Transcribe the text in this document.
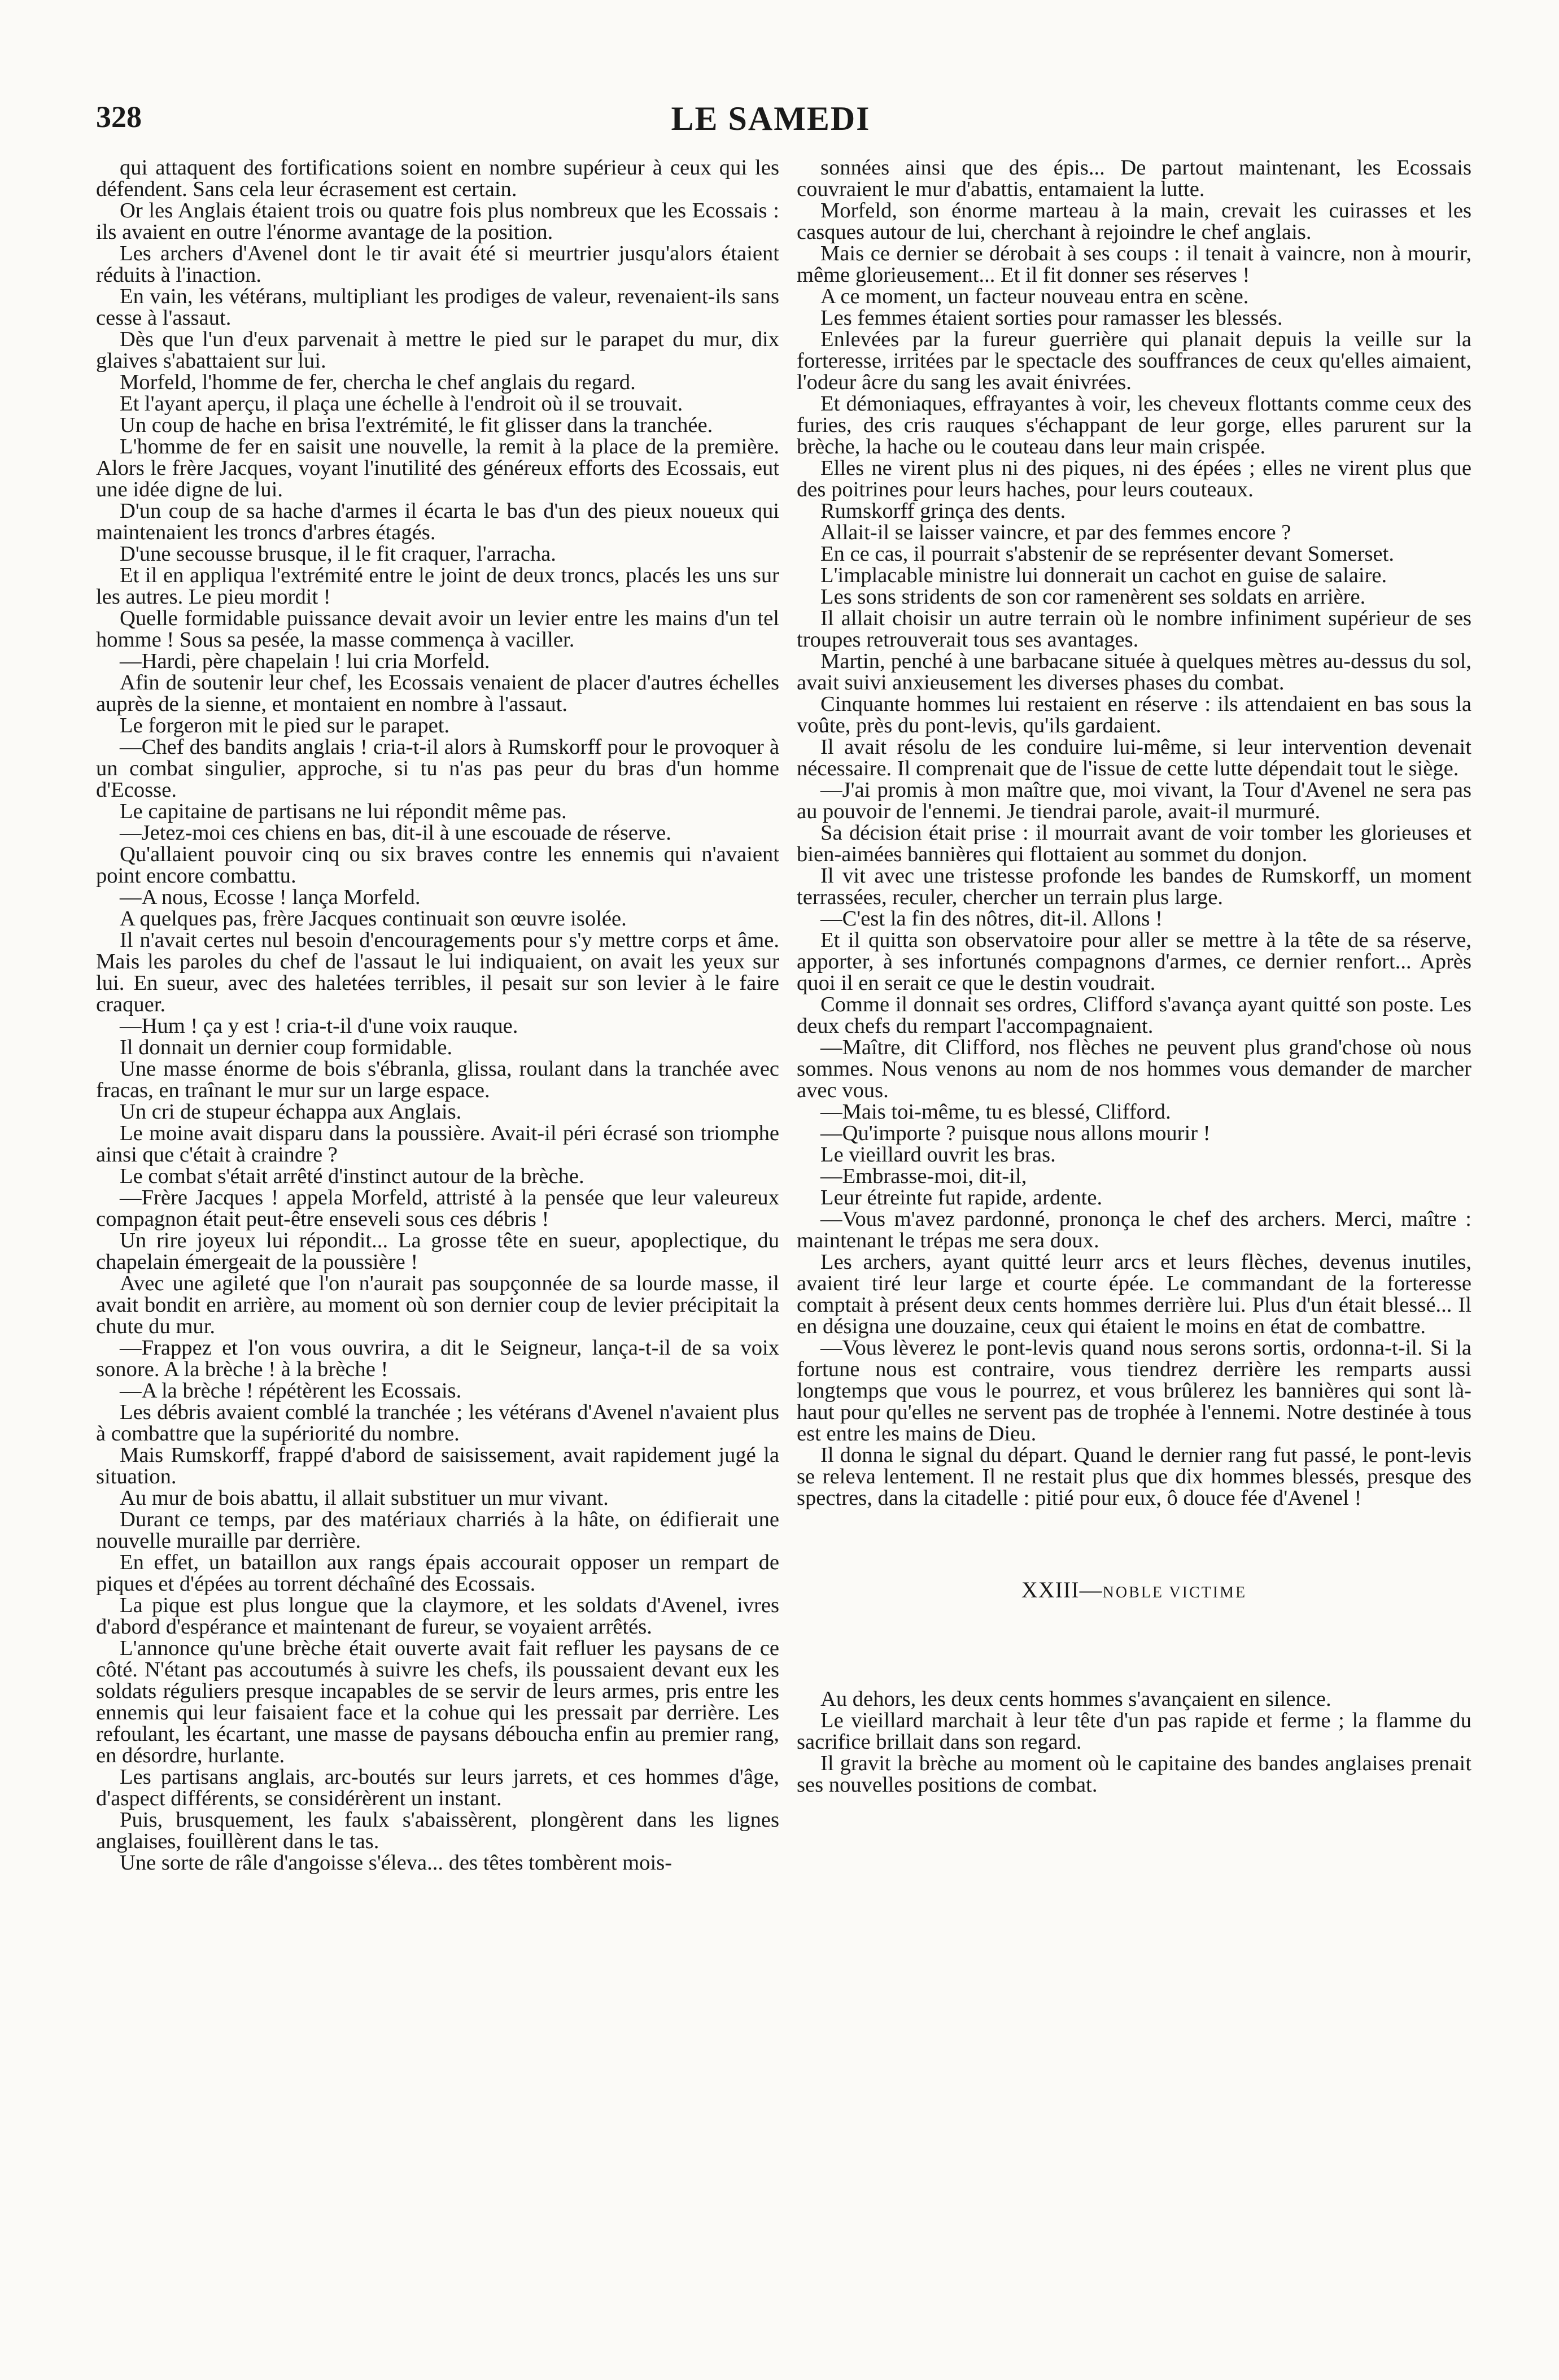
328	LE SAMEDI

qui attaquent des fortifications soient en nombre supérieur à ceux qui les défendent. Sans cela leur écrasement est certain.

Or les Anglais étaient trois ou quatre fois plus nombreux que les Ecossais : ils avaient en outre l'énorme avantage de la position.

Les archers d'Avenel dont le tir avait été si meurtrier jusqu'alors étaient réduits à l'inaction.

En vain, les vétérans, multipliant les prodiges de valeur, revenaient-ils sans cesse à l'assaut.

Dès que l'un d'eux parvenait à mettre le pied sur le parapet du mur, dix glaives s'abattaient sur lui.

Morfeld, l'homme de fer, chercha le chef anglais du regard.

Et l'ayant aperçu, il plaça une échelle à l'endroit où il se trouvait.

Un coup de hache en brisa l'extrémité, le fit glisser dans la tranchée.

L'homme de fer en saisit une nouvelle, la remit à la place de la première. Alors le frère Jacques, voyant l'inutilité des généreux efforts des Ecossais, eut une idée digne de lui.

D'un coup de sa hache d'armes il écarta le bas d'un des pieux noueux qui maintenaient les troncs d'arbres étagés.

D'une secousse brusque, il le fit craquer, l'arracha.

Et il en appliqua l'extrémité entre le joint de deux troncs, placés les uns sur les autres. Le pieu mordit !

Quelle formidable puissance devait avoir un levier entre les mains d'un tel homme ! Sous sa pesée, la masse commença à vaciller.

—Hardi, père chapelain ! lui cria Morfeld.

Afin de soutenir leur chef, les Ecossais venaient de placer d'autres échelles auprès de la sienne, et montaient en nombre à l'assaut.

Le forgeron mit le pied sur le parapet.

—Chef des bandits anglais ! cria-t-il alors à Rumskorff pour le provoquer à un combat singulier, approche, si tu n'as pas peur du bras d'un homme d'Ecosse.

Le capitaine de partisans ne lui répondit même pas.

—Jetez-moi ces chiens en bas, dit-il à une escouade de réserve.

Qu'allaient pouvoir cinq ou six braves contre les ennemis qui n'avaient point encore combattu.

—A nous, Ecosse ! lança Morfeld.

A quelques pas, frère Jacques continuait son œuvre isolée.

Il n'avait certes nul besoin d'encouragements pour s'y mettre corps et âme. Mais les paroles du chef de l'assaut le lui indiquaient, on avait les yeux sur lui. En sueur, avec des haletées terribles, il pesait sur son levier à le faire craquer.

—Hum ! ça y est ! cria-t-il d'une voix rauque.

Il donnait un dernier coup formidable.

Une masse énorme de bois s'ébranla, glissa, roulant dans la tranchée avec fracas, en traînant le mur sur un large espace.

Un cri de stupeur échappa aux Anglais.

Le moine avait disparu dans la poussière. Avait-il péri écrasé son triomphe ainsi que c'était à craindre ?

Le combat s'était arrêté d'instinct autour de la brèche.

—Frère Jacques ! appela Morfeld, attristé à la pensée que leur valeureux compagnon était peut-être enseveli sous ces débris !

Un rire joyeux lui répondit... La grosse tête en sueur, apoplectique, du chapelain émergeait de la poussière !

Avec une agileté que l'on n'aurait pas soupçonnée de sa lourde masse, il avait bondit en arrière, au moment où son dernier coup de levier précipitait la chute du mur.

—Frappez et l'on vous ouvrira, a dit le Seigneur, lança-t-il de sa voix sonore. A la brèche ! à la brèche !

—A la brèche ! répétèrent les Ecossais.

Les débris avaient comblé la tranchée ; les vétérans d'Avenel n'avaient plus à combattre que la supériorité du nombre.

Mais Rumskorff, frappé d'abord de saisissement, avait rapidement jugé la situation.

Au mur de bois abattu, il allait substituer un mur vivant.

Durant ce temps, par des matériaux charriés à la hâte, on édifierait une nouvelle muraille par derrière.

En effet, un bataillon aux rangs épais accourait opposer un rempart de piques et d'épées au torrent déchaîné des Ecossais.

La pique est plus longue que la claymore, et les soldats d'Avenel, ivres d'abord d'espérance et maintenant de fureur, se voyaient arrêtés.

L'annonce qu'une brèche était ouverte avait fait refluer les paysans de ce côté. N'étant pas accoutumés à suivre les chefs, ils poussaient devant eux les soldats réguliers presque incapables de se servir de leurs armes, pris entre les ennemis qui leur faisaient face et la cohue qui les pressait par derrière. Les refoulant, les écartant, une masse de paysans déboucha enfin au premier rang, en désordre, hurlante.

Les partisans anglais, arc-boutés sur leurs jarrets, et ces hommes d'âge, d'aspect différents, se considérèrent un instant.

Puis, brusquement, les faulx s'abaissèrent, plongèrent dans les lignes anglaises, fouillèrent dans le tas.

Une sorte de râle d'angoisse s'éleva... des têtes tombèrent mois-

sonnées ainsi que des épis... De partout maintenant, les Ecossais couvraient le mur d'abattis, entamaient la lutte.

Morfeld, son énorme marteau à la main, crevait les cuirasses et les casques autour de lui, cherchant à rejoindre le chef anglais.

Mais ce dernier se dérobait à ses coups : il tenait à vaincre, non à mourir, même glorieusement... Et il fit donner ses réserves !

A ce moment, un facteur nouveau entra en scène.

Les femmes étaient sorties pour ramasser les blessés.

Enlevées par la fureur guerrière qui planait depuis la veille sur la forteresse, irritées par le spectacle des souffrances de ceux qu'elles aimaient, l'odeur âcre du sang les avait énivrées.

Et démoniaques, effrayantes à voir, les cheveux flottants comme ceux des furies, des cris rauques s'échappant de leur gorge, elles parurent sur la brèche, la hache ou le couteau dans leur main crispée.

Elles ne virent plus ni des piques, ni des épées ; elles ne virent plus que des poitrines pour leurs haches, pour leurs couteaux.

Rumskorff grinça des dents.

Allait-il se laisser vaincre, et par des femmes encore ?

En ce cas, il pourrait s'abstenir de se représenter devant Somerset.

L'implacable ministre lui donnerait un cachot en guise de salaire.

Les sons stridents de son cor ramenèrent ses soldats en arrière.

Il allait choisir un autre terrain où le nombre infiniment supérieur de ses troupes retrouverait tous ses avantages.

Martin, penché à une barbacane située à quelques mètres au-dessus du sol, avait suivi anxieusement les diverses phases du combat.

Cinquante hommes lui restaient en réserve : ils attendaient en bas sous la voûte, près du pont-levis, qu'ils gardaient.

Il avait résolu de les conduire lui-même, si leur intervention devenait nécessaire. Il comprenait que de l'issue de cette lutte dépendait tout le siège.

—J'ai promis à mon maître que, moi vivant, la Tour d'Avenel ne sera pas au pouvoir de l'ennemi. Je tiendrai parole, avait-il murmuré.

Sa décision était prise : il mourrait avant de voir tomber les glorieuses et bien-aimées bannières qui flottaient au sommet du donjon.

Il vit avec une tristesse profonde les bandes de Rumskorff, un moment terrassées, reculer, chercher un terrain plus large.

—C'est la fin des nôtres, dit-il. Allons !

Et il quitta son observatoire pour aller se mettre à la tête de sa réserve, apporter, à ses infortunés compagnons d'armes, ce dernier renfort... Après quoi il en serait ce que le destin voudrait.

Comme il donnait ses ordres, Clifford s'avança ayant quitté son poste. Les deux chefs du rempart l'accompagnaient.

—Maître, dit Clifford, nos flèches ne peuvent plus grand'chose où nous sommes. Nous venons au nom de nos hommes vous demander de marcher avec vous.

—Mais toi-même, tu es blessé, Clifford.

—Qu'importe ? puisque nous allons mourir !

Le vieillard ouvrit les bras.

—Embrasse-moi, dit-il,

Leur étreinte fut rapide, ardente.

—Vous m'avez pardonné, prononça le chef des archers. Merci, maître : maintenant le trépas me sera doux.

Les archers, ayant quitté leurr arcs et leurs flèches, devenus inutiles, avaient tiré leur large et courte épée. Le commandant de la forteresse comptait à présent deux cents hommes derrière lui. Plus d'un était blessé... Il en désigna une douzaine, ceux qui étaient le moins en état de combattre.

—Vous lèverez le pont-levis quand nous serons sortis, ordonna-t-il. Si la fortune nous est contraire, vous tiendrez derrière les remparts aussi longtemps que vous le pourrez, et vous brûlerez les bannières qui sont là-haut pour qu'elles ne servent pas de trophée à l'ennemi. Notre destinée à tous est entre les mains de Dieu.

Il donna le signal du départ. Quand le dernier rang fut passé, le pont-levis se releva lentement. Il ne restait plus que dix hommes blessés, presque des spectres, dans la citadelle : pitié pour eux, ô douce fée d'Avenel !

XXIII—NOBLE VICTIME

Au dehors, les deux cents hommes s'avançaient en silence.

Le vieillard marchait à leur tête d'un pas rapide et ferme ; la flamme du sacrifice brillait dans son regard.

Il gravit la brèche au moment où le capitaine des bandes anglaises prenait ses nouvelles positions de combat.
